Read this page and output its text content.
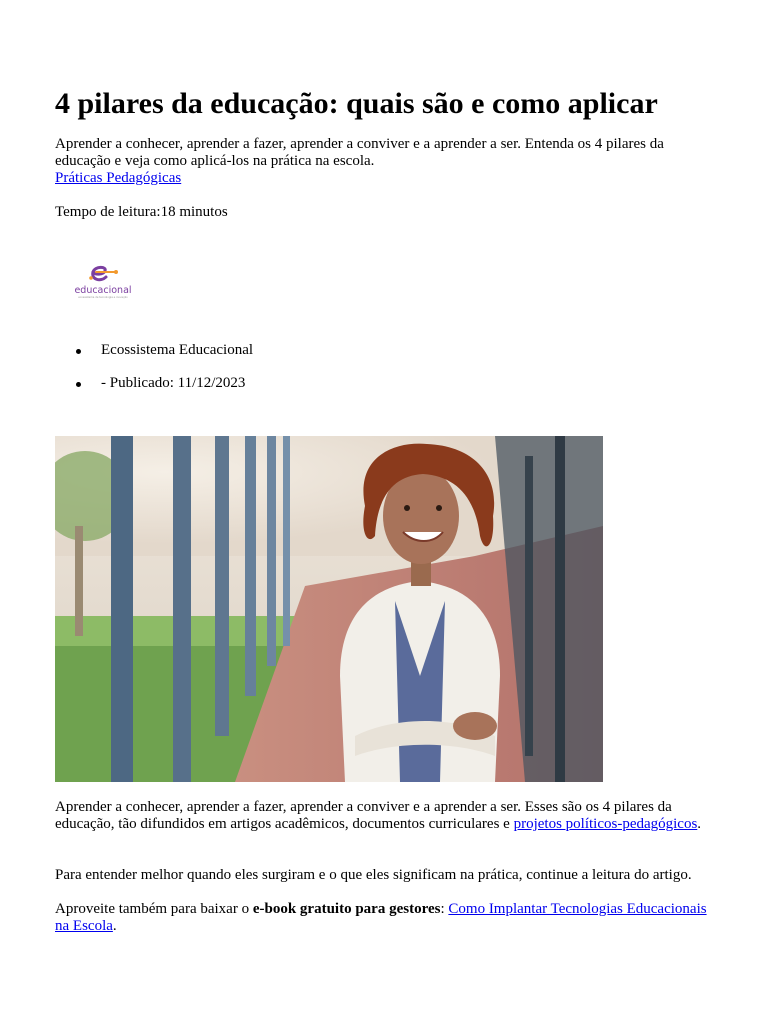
4 pilares da educação: quais são e como aplicar

Aprender a conhecer, aprender a fazer, aprender a conviver e a aprender a ser. Entenda os 4 pilares da educação e veja como aplicá-los na prática na escola.
Práticas Pedagógicas

Tempo de leitura:18 minutos

educacional
ecossistema de tecnologia e inovação
Ecossistema Educacional
- Publicado: 11/12/2023

Aprender a conhecer, aprender a fazer, aprender a conviver e a aprender a ser. Esses são os 4 pilares da educação, tão difundidos em artigos acadêmicos, documentos curriculares e projetos políticos-pedagógicos.

Para entender melhor quando eles surgiram e o que eles significam na prática, continue a leitura do artigo.

Aproveite também para baixar o e-book gratuito para gestores: Como Implantar Tecnologias Educacionais na Escola.
